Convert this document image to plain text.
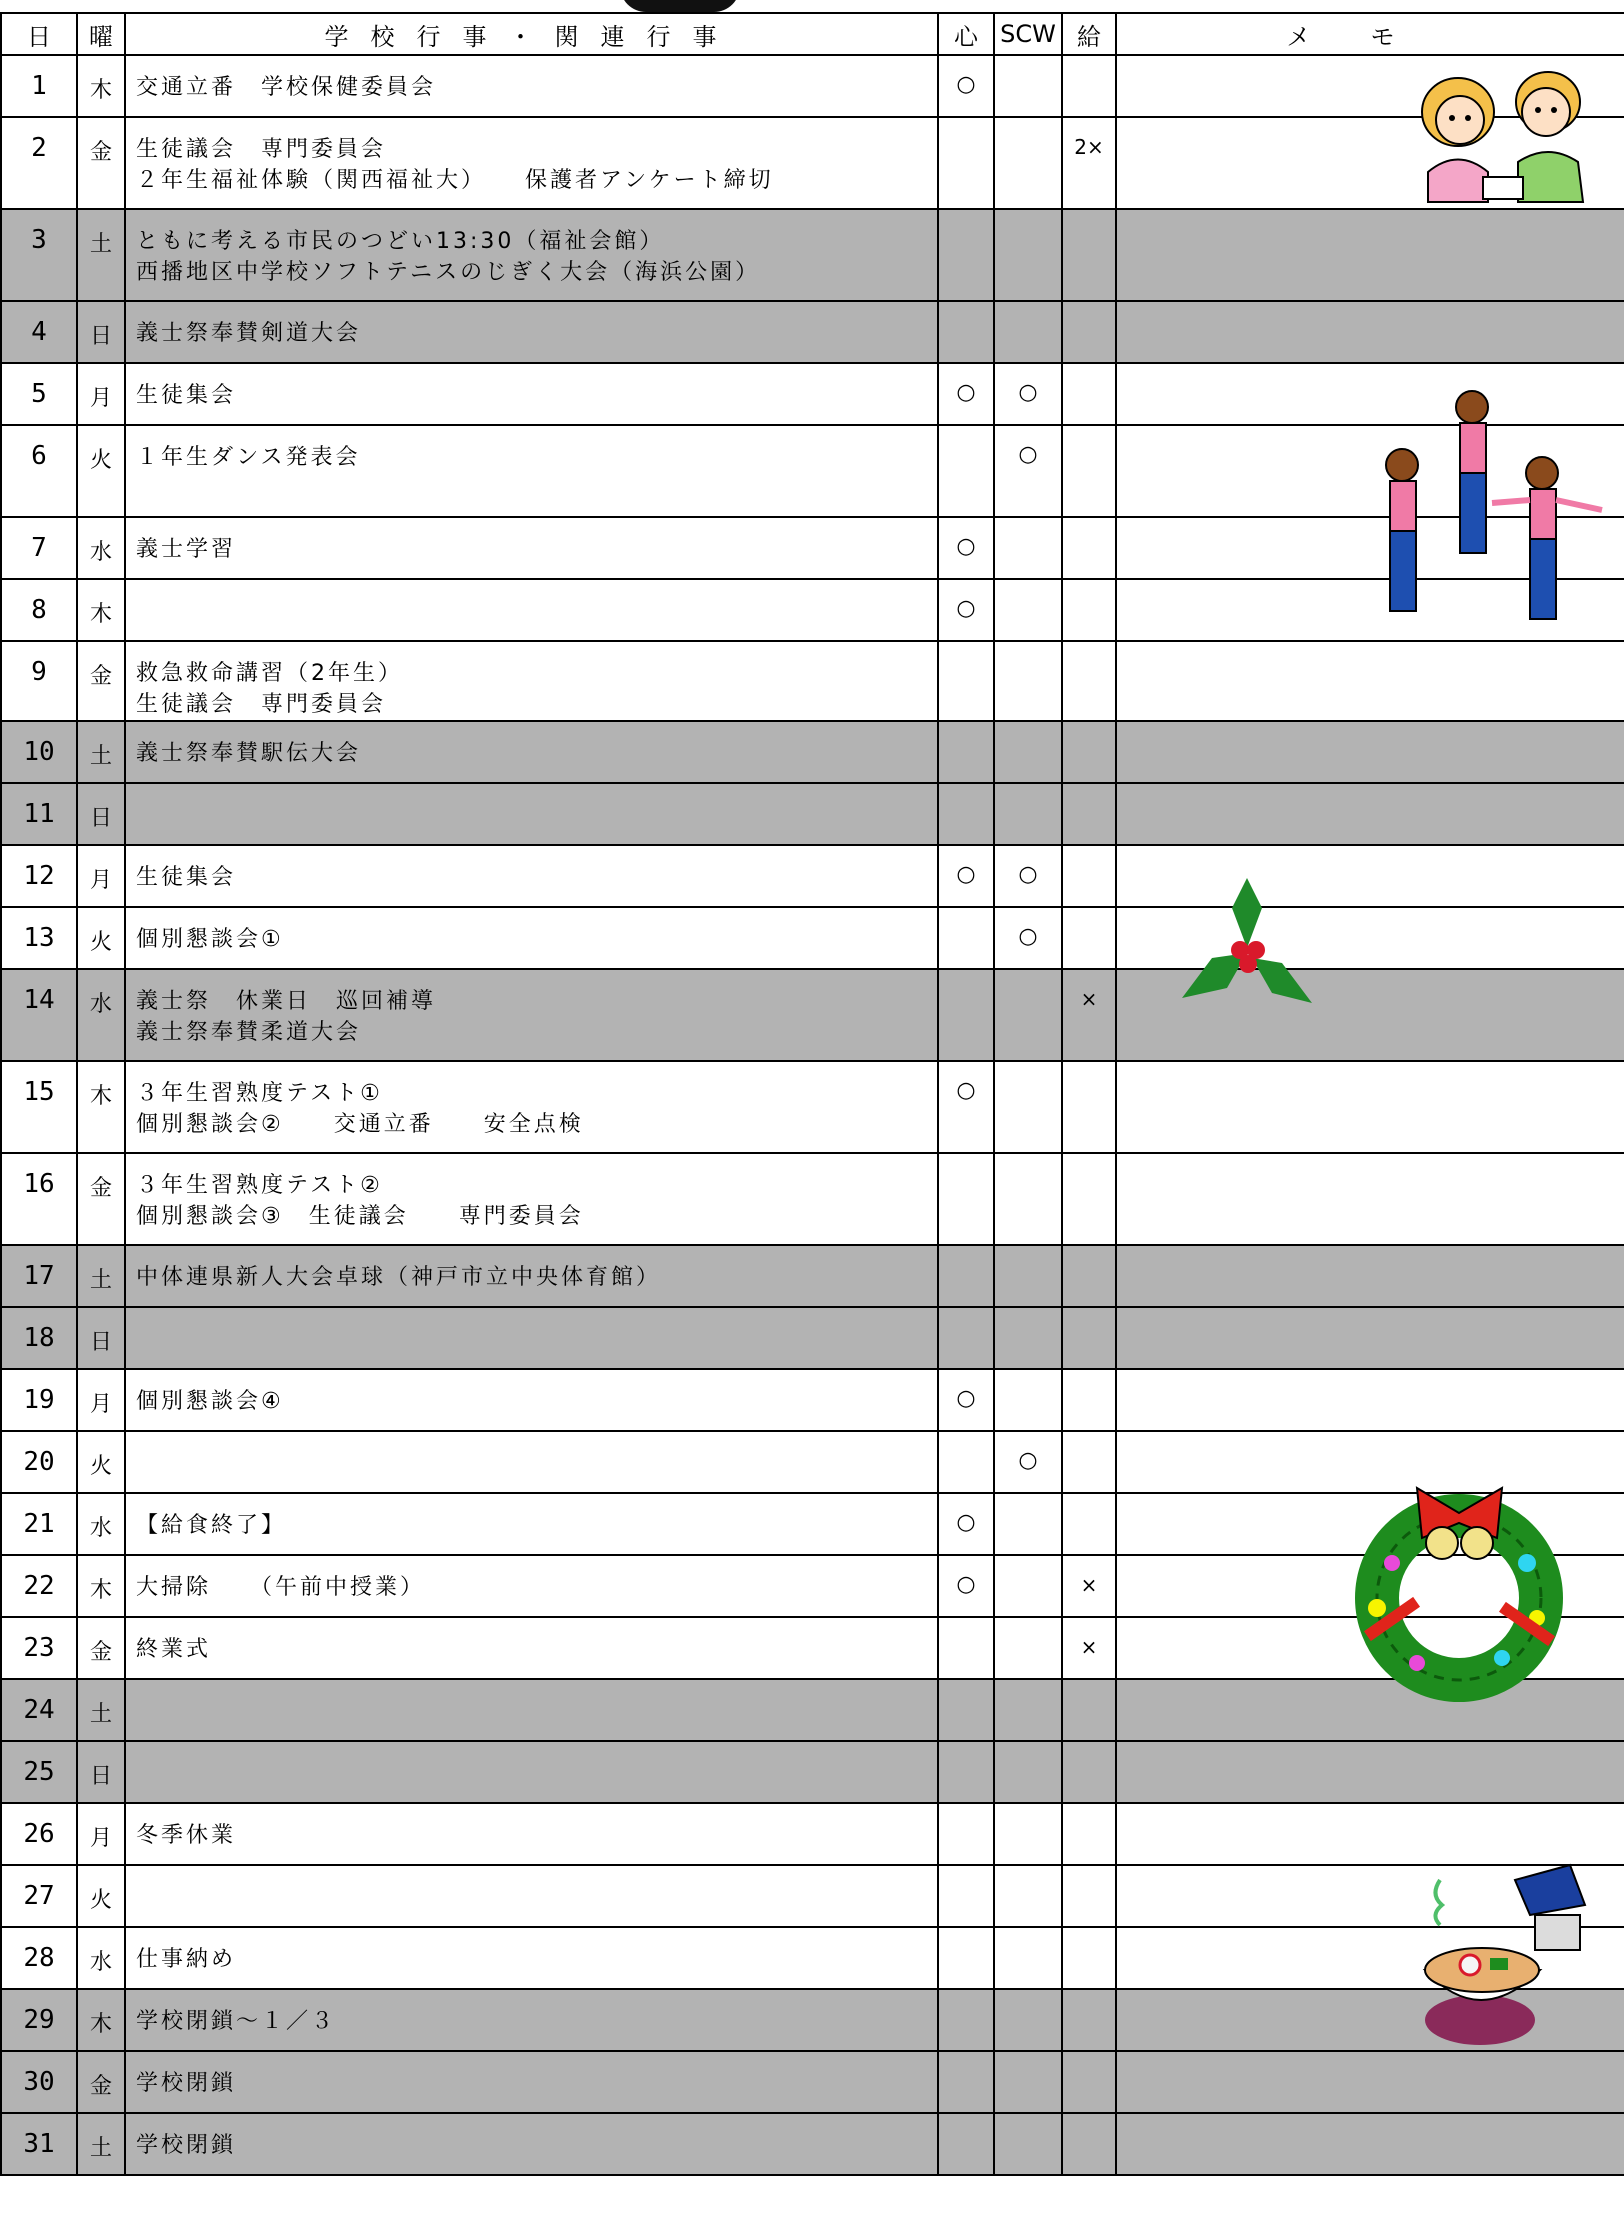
日	曜	学校行事・関連行事	心	SCW	給	メモ
1	木	交通立番　学校保健委員会	○			
2	金	生徒議会　専門委員会
２年生福祉体験（関西福祉大）　　保護者アンケート締切			2×	
3	土	ともに考える市民のつどい13:30（福祉会館）
西播地区中学校ソフトテニスのじぎく大会（海浜公園）				
4	日	義士祭奉賛剣道大会				
5	月	生徒集会	○	○		
6	火	１年生ダンス発表会		○		
7	水	義士学習	○			
8	木		○			
9	金	救急救命講習（2年生）
生徒議会　専門委員会				
10	土	義士祭奉賛駅伝大会				
11	日					
12	月	生徒集会	○	○		
13	火	個別懇談会①		○		
14	水	義士祭　休業日　巡回補導
義士祭奉賛柔道大会			×	
15	木	３年生習熟度テスト①
個別懇談会②　　交通立番　　安全点検	○			
16	金	３年生習熟度テスト②
個別懇談会③　生徒議会　　専門委員会				
17	土	中体連県新人大会卓球（神戸市立中央体育館）				
18	日					
19	月	個別懇談会④	○			
20	火			○		
21	水	【給食終了】	○			
22	木	大掃除　　（午前中授業）	○		×	
23	金	終業式			×	
24	土					
25	日					
26	月	冬季休業				
27	火					
28	水	仕事納め				
29	木	学校閉鎖～１／３				
30	金	学校閉鎖				
31	土	学校閉鎖				
